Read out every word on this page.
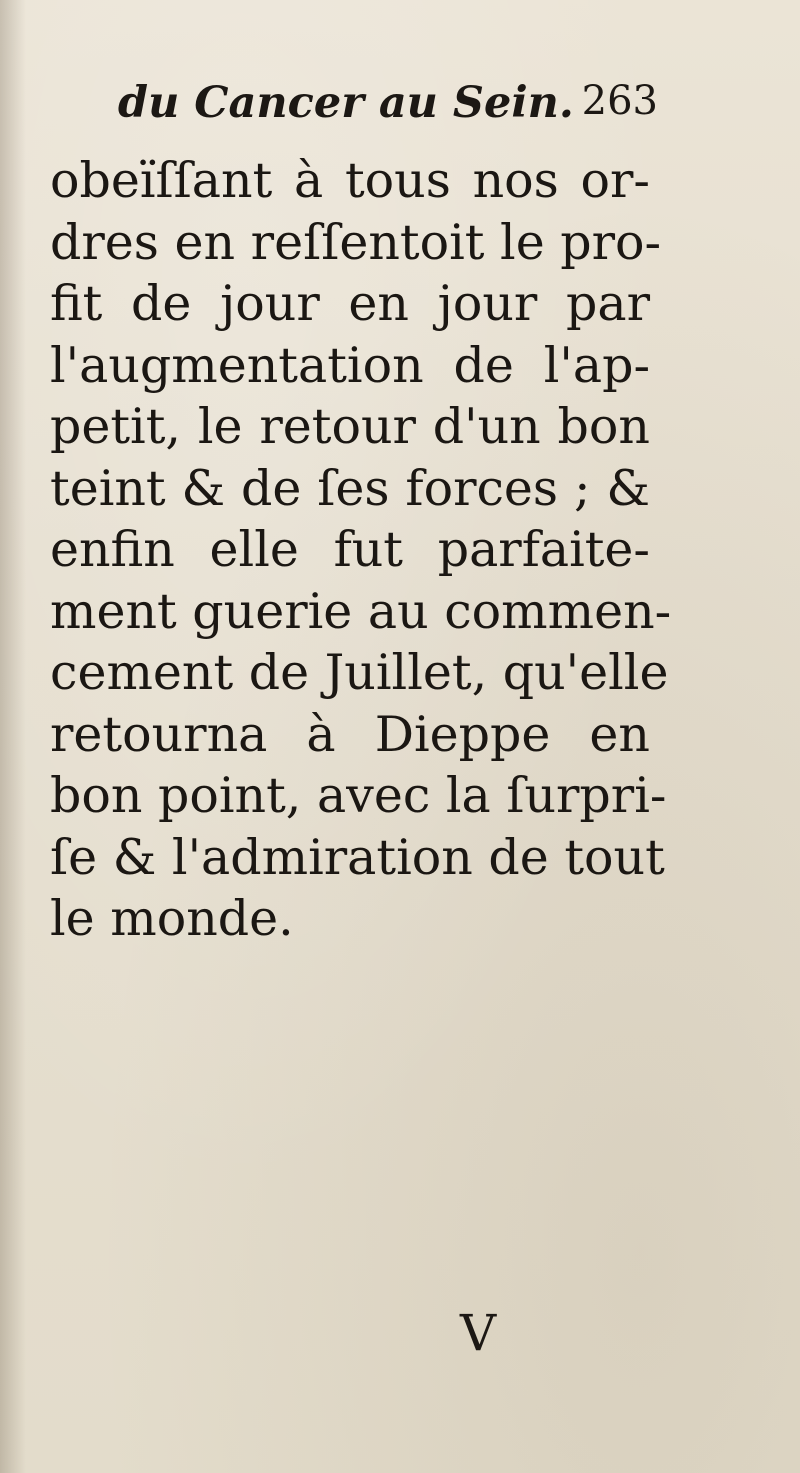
du Cancer au Sein. 263
obeïſſant à tous nos or-
dres en reſſentoit le pro-
fit de jour en jour par
l'augmentation de l'ap-
petit, le retour d'un bon
teint & de ſes forces ; &
enfin elle fut parfaite-
ment guerie au commen-
cement de Juillet, qu'elle
retourna à Dieppe en
bon point, avec la ſurpri-
ſe & l'admiration de tout
le monde.
V
